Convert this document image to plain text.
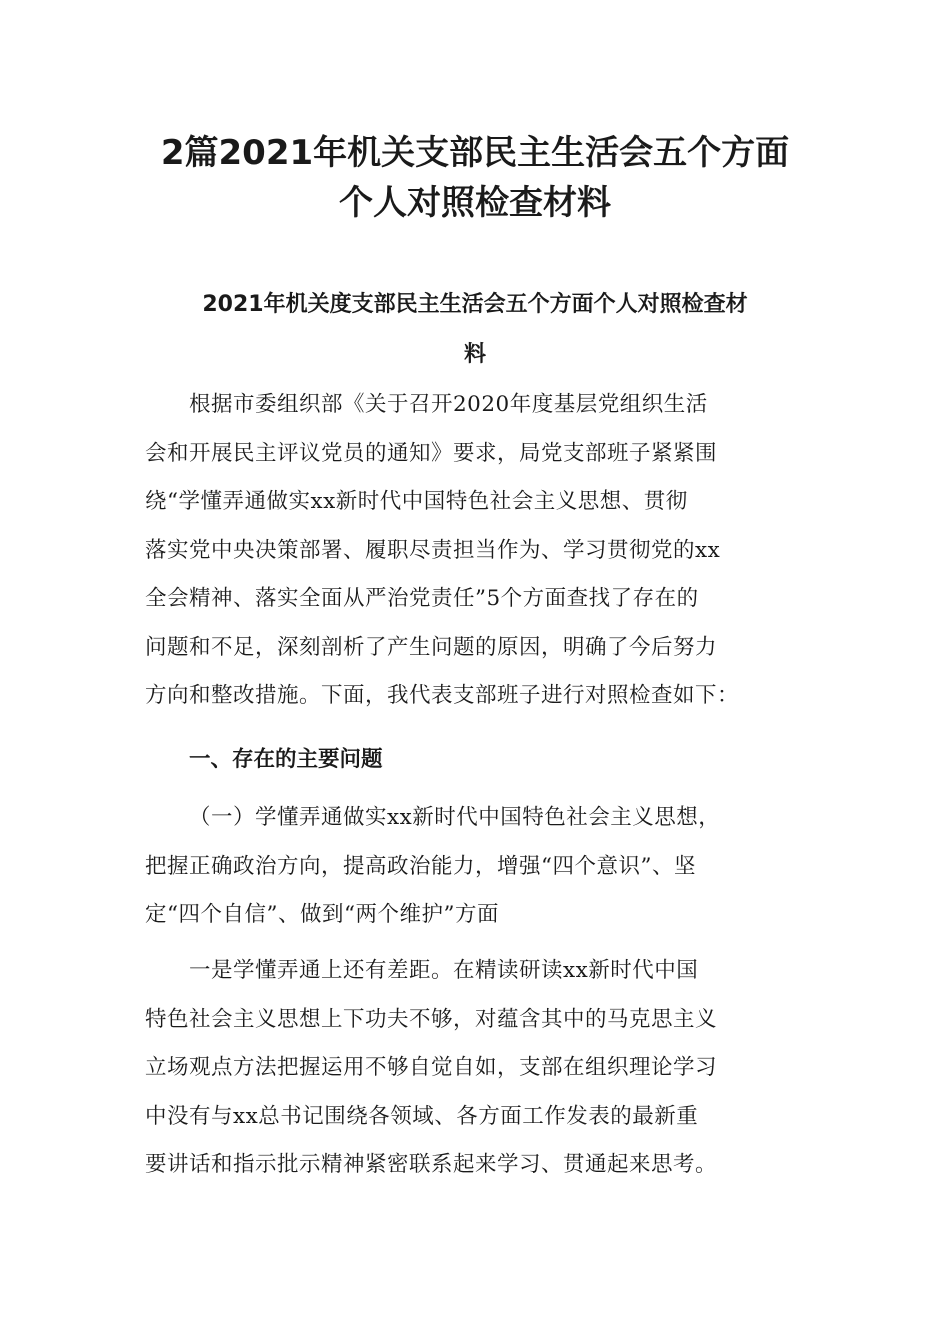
2篇2021年机关支部民主生活会五个方面
个人对照检查材料
2021年机关度支部民主生活会五个方面个人对照检查材
料

根据市委组织部《关于召开2020年度基层党组织生活
会和开展民主评议党员的通知》要求，局党支部班子紧紧围
绕“学懂弄通做实xx新时代中国特色社会主义思想、贯彻
落实党中央决策部署、履职尽责担当作为、学习贯彻党的xx
全会精神、落实全面从严治党责任”5个方面查找了存在的
问题和不足，深刻剖析了产生问题的原因，明确了今后努力
方向和整改措施。下面，我代表支部班子进行对照检查如下：

一、存在的主要问题

（一）学懂弄通做实xx新时代中国特色社会主义思想，
把握正确政治方向，提高政治能力，增强“四个意识”、坚
定“四个自信”、做到“两个维护”方面

一是学懂弄通上还有差距。在精读研读xx新时代中国
特色社会主义思想上下功夫不够，对蕴含其中的马克思主义
立场观点方法把握运用不够自觉自如，支部在组织理论学习
中没有与xx总书记围绕各领域、各方面工作发表的最新重
要讲话和指示批示精神紧密联系起来学习、贯通起来思考。
